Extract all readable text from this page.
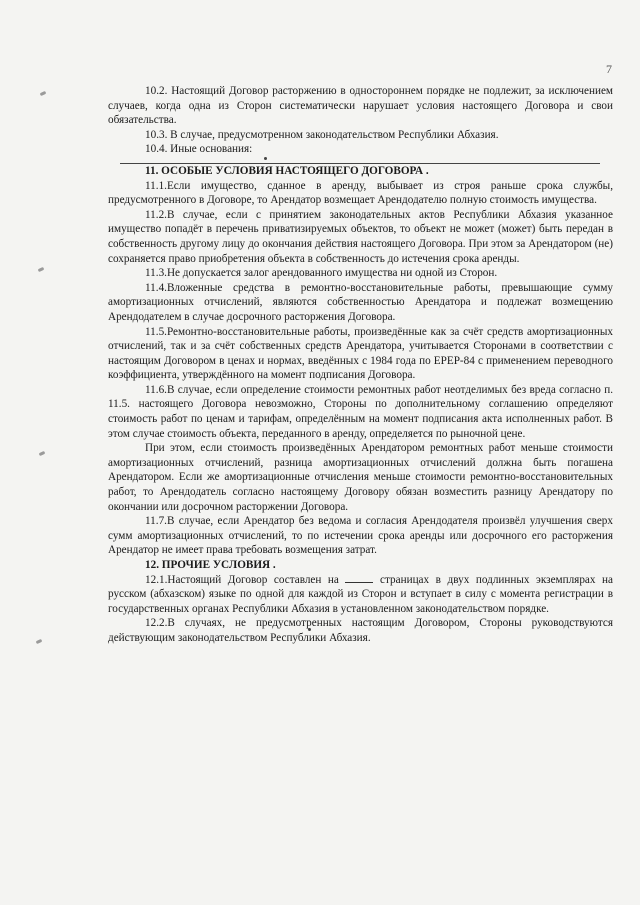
7

10.2. Настоящий Договор расторжению в одностороннем порядке не подлежит, за исключением случаев, когда одна из Сторон систематически нарушает условия настоящего Договора и свои обязательства.

10.3. В случае, предусмотренном законодательством Республики Абхазия.

10.4. Иные основания:

11. ОСОБЫЕ УСЛОВИЯ НАСТОЯЩЕГО ДОГОВОРА .

11.1.Если имущество, сданное в аренду, выбывает из строя раньше срока службы, предусмотренного в Договоре, то Арендатор возмещает Арендодателю полную стоимость имущества.

11.2.В случае, если с принятием законодательных актов Республики Абхазия указанное имущество попадёт в перечень приватизируемых объектов, то объект не может (может) быть передан в собственность другому лицу до окончания действия настоящего Договора. При этом за Арендатором (не) сохраняется право приобретения объекта в собственность до истечения срока аренды.

11.3.Не допускается залог арендованного имущества ни одной из Сторон.

11.4.Вложенные средства в ремонтно-восстановительные работы, превышающие сумму амортизационных отчислений, являются собственностью Арендатора и подлежат возмещению Арендодателем в случае досрочного расторжения Договора.

11.5.Ремонтно-восстановительные работы, произведённые как за счёт средств амортизационных отчислений, так и за счёт собственных средств Арендатора, учитывается Сторонами в соответствии с настоящим Договором в ценах и нормах, введённых с 1984 года по ЕРЕР-84 с применением переводного коэффициента, утверждённого на момент подписания Договора.

11.6.В случае, если определение стоимости ремонтных работ неотделимых без вреда согласно п. 11.5. настоящего Договора невозможно, Стороны по дополнительному соглашению определяют стоимость работ по ценам и тарифам, определённым на момент подписания акта исполненных работ. В этом случае стоимость объекта, переданного в аренду, определяется по рыночной цене.

При этом, если стоимость произведённых Арендатором ремонтных работ меньше стоимости амортизационных отчислений, разница амортизационных отчислений должна быть погашена Арендатором. Если же амортизационные отчисления меньше стоимости ремонтно-восстановительных работ, то Арендодатель согласно настоящему Договору обязан возместить разницу Арендатору по окончании или досрочном расторжении Договора.

11.7.В случае, если Арендатор без ведома и согласия Арендодателя произвёл улучшения сверх сумм амортизационных отчислений, то по истечении срока аренды или досрочного его расторжения Арендатор не имеет права требовать возмещения затрат.

12. ПРОЧИЕ УСЛОВИЯ .

12.1.Настоящий Договор составлен на	страницах в двух подлинных экземплярах на русском (абхазском) языке по одной для каждой из Сторон и вступает в силу с момента регистрации в государственных органах Республики Абхазия в установленном законодательством порядке.

12.2.В случаях, не предусмотренных настоящим Договором, Стороны руководствуются действующим законодательством Республики Абхазия.
